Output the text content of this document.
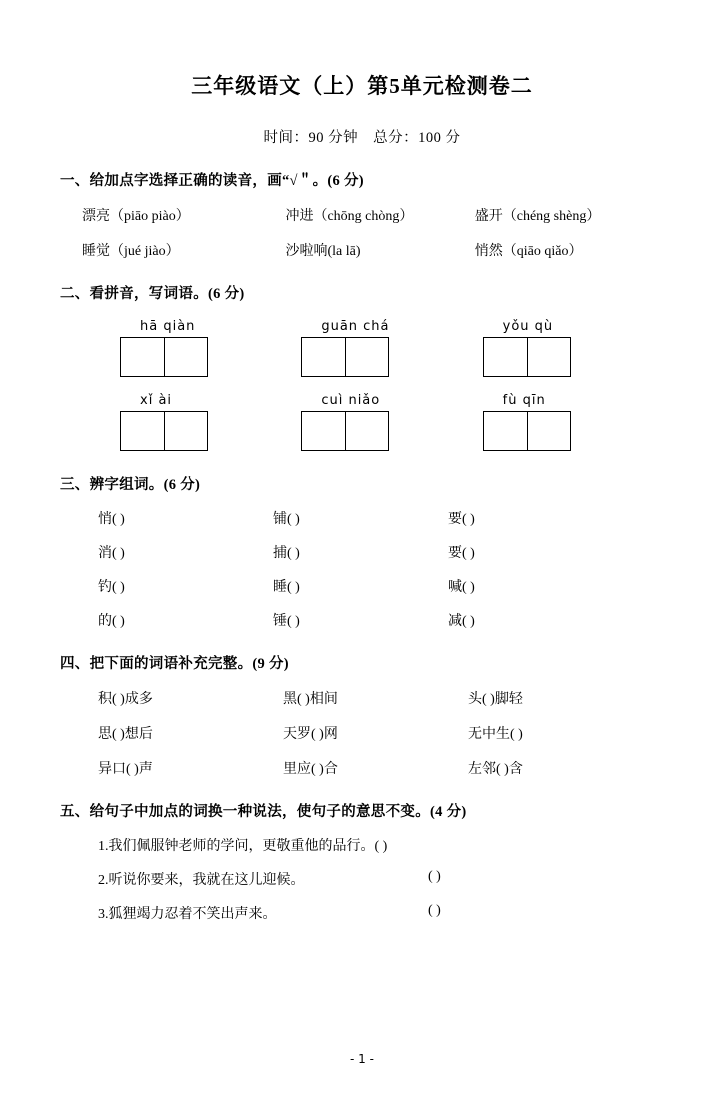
三年级语文（上）第5单元检测卷二
时间：90 分钟　总分：100 分
一、给加点字选择正确的读音，画“√＂。(6 分)
漂亮（piāo piào）	冲进（chōng chòng）	盛开（chéng shèng）
睡觉（jué jiào）	沙啦响(la lā)	悄然（qiāo qiǎo）
二、看拼音，写词语。(6 分)
hā qiàn	guān chá	yǒu qù
xǐ ài	cuì niǎo	fù qīn
三、辨字组词。(6 分)
悄( )	铺( )	要( )
消( )	捕( )	要( )
钓( )	睡( )	喊( )
的( )	锤( )	减( )
四、把下面的词语补充完整。(9 分)
积( )成多	黑( )相间	头( )脚轻
思( )想后	天罗( )网	无中生( )
异口( )声	里应( )合	左邻( )含
五、给句子中加点的词换一种说法，使句子的意思不变。(4 分)
1.我们佩服钟老师的学问，更敬重他的品行。( )
2.听说你要来，我就在这儿迎候。	( )
3.狐狸竭力忍着不笑出声来。	( )
- 1 -
